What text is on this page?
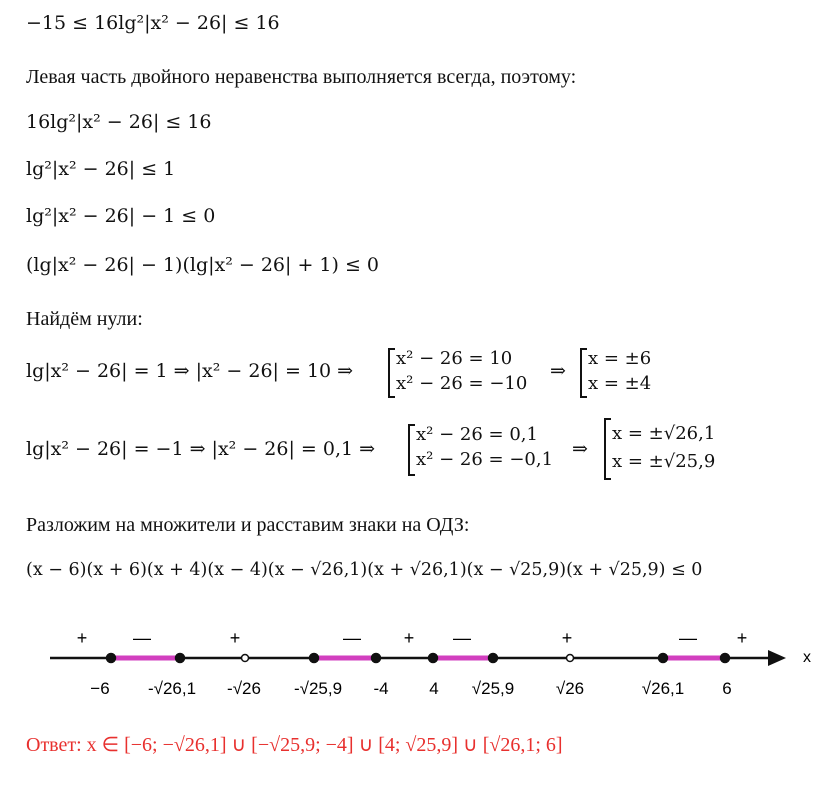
−15 ≤ 16lg²|x² − 26| ≤ 16
Левая часть двойного неравенства выполняется всегда, поэтому:
16lg²|x² − 26| ≤ 16
lg²|x² − 26| ≤ 1
lg²|x² − 26| − 1 ≤ 0
(lg|x² − 26| − 1)(lg|x² − 26| + 1) ≤ 0
Найдём нули:
lg|x² − 26| = 1 ⇒ |x² − 26| = 10 ⇒
x² − 26 = 10
x² − 26 = −10
⇒
x = ±6
x = ±4
lg|x² − 26| = −1 ⇒ |x² − 26| = 0,1 ⇒
x² − 26 = 0,1
x² − 26 = −0,1 ⇒
x = ±√26,1
x = ±√25,9
Разложим на множители и расставим знаки на ОДЗ:
(x − 6)(x + 6)(x + 4)(x − 4)(x − √26,1)(x + √26,1)(x − √25,9)(x + √25,9) ≤ 0
x
+	—	+	— + —	+	— +
−6 -√26,1 -√26 -√25,9 -4 4 √25,9 √26	√26,1 6
Ответ: x ∈ [−6; −√26,1] ∪ [−√25,9; −4] ∪ [4; √25,9] ∪ [√26,1; 6]
